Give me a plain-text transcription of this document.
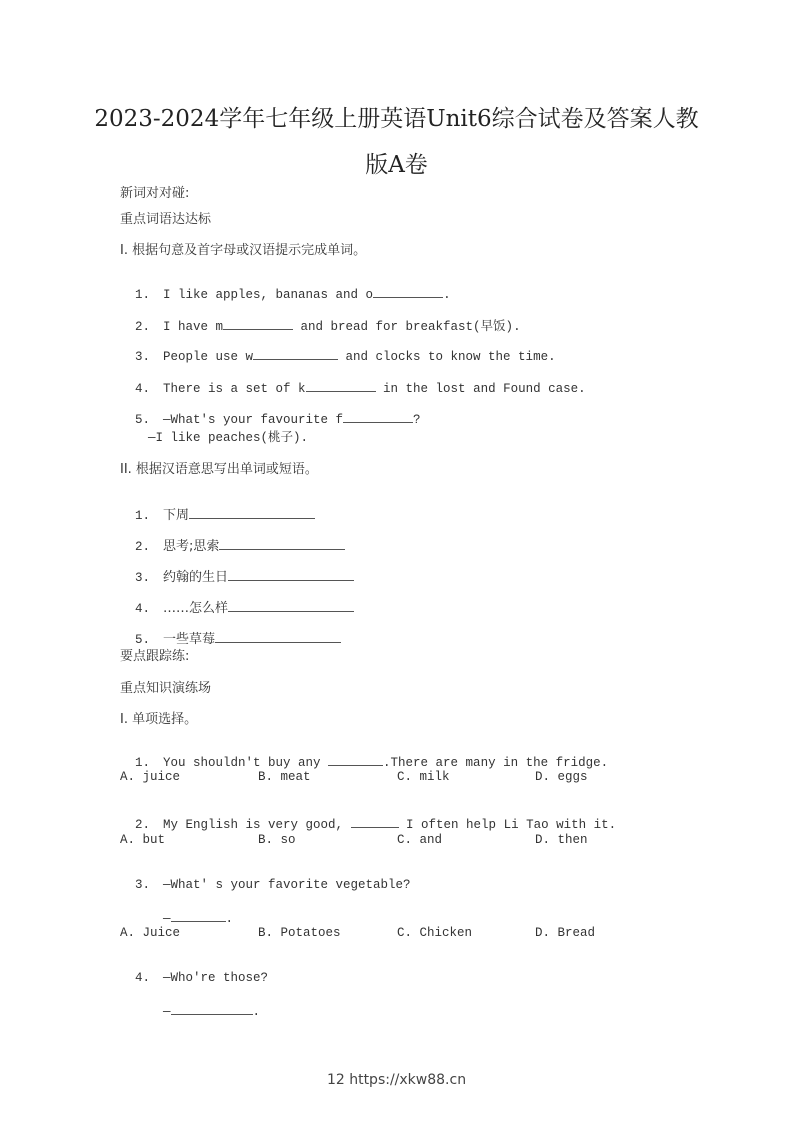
2023-2024学年七年级上册英语Unit6综合试卷及答案人教
版A卷
新词对对碰:
重点词语达达标
I. 根据句意及首字母或汉语提示完成单词。

1. I like apples, bananas and o	.

2. I have m	and bread for breakfast(早饭).

3. People use w	and clocks to know the time.

4. There is a set of k	in the lost and Found case.

5. —What's your favourite f	?

—I like peaches(桃子).
II. 根据汉语意思写出单词或短语。

1. 下周

2. 思考;思索

3. 约翰的生日

4. ……怎么样

5. 一些草莓

要点跟踪练:
重点知识演练场
I. 单项选择。

1. You shouldn't buy any	.There are many in the fridge.

A. juice	B. meat	C. milk	D. eggs

2. My English is very good,	I often help Li Tao with it.

A. but	B. so	C. and	D. then

3. —What' s your favorite vegetable?

—	.

A. Juice	B. Potatoes	C. Chicken	D. Bread

4. —Who're those?

—	.

12 https://xkw88.cn
